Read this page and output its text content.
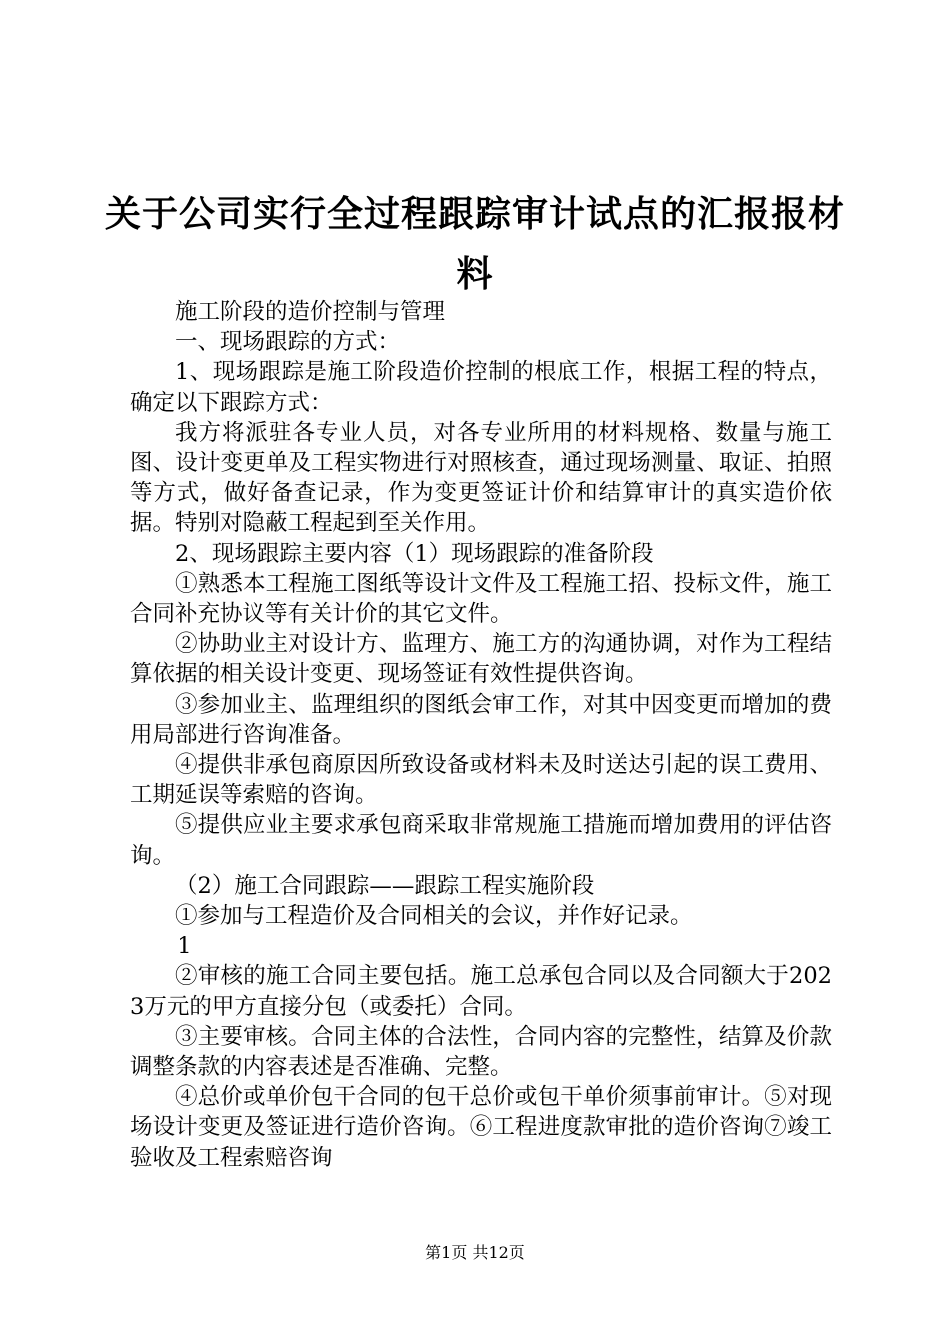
关于公司实行全过程跟踪审计试点的汇报报材料

施工阶段的造价控制与管理

一、现场跟踪的方式：

1、现场跟踪是施工阶段造价控制的根底工作，根据工程的特点，确定以下跟踪方式：

我方将派驻各专业人员，对各专业所用的材料规格、数量与施工图、设计变更单及工程实物进行对照核查，通过现场测量、取证、拍照等方式，做好备查记录，作为变更签证计价和结算审计的真实造价依据。特别对隐蔽工程起到至关作用。

2、现场跟踪主要内容（1）现场跟踪的准备阶段

①熟悉本工程施工图纸等设计文件及工程施工招、投标文件，施工合同补充协议等有关计价的其它文件。

②协助业主对设计方、监理方、施工方的沟通协调，对作为工程结算依据的相关设计变更、现场签证有效性提供咨询。

③参加业主、监理组织的图纸会审工作，对其中因变更而增加的费用局部进行咨询准备。

④提供非承包商原因所致设备或材料未及时送达引起的误工费用、工期延误等索赔的咨询。

⑤提供应业主要求承包商采取非常规施工措施而增加费用的评估咨询。

（2）施工合同跟踪——跟踪工程实施阶段

①参加与工程造价及合同相关的会议，并作好记录。

1

②审核的施工合同主要包括。施工总承包合同以及合同额大于2023万元的甲方直接分包（或委托）合同。

③主要审核。合同主体的合法性，合同内容的完整性，结算及价款调整条款的内容表述是否准确、完整。

④总价或单价包干合同的包干总价或包干单价须事前审计。⑤对现场设计变更及签证进行造价咨询。⑥工程进度款审批的造价咨询⑦竣工验收及工程索赔咨询

第1页 共12页
